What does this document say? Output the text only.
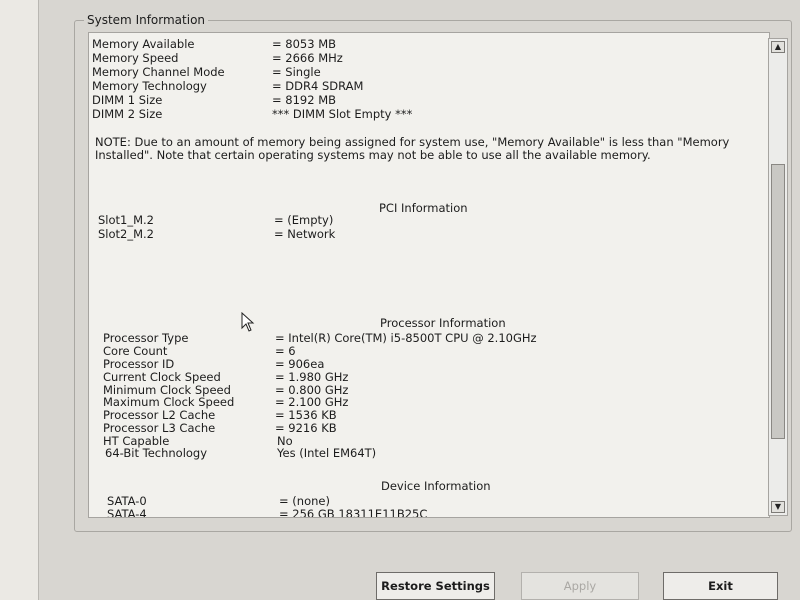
System Information
Memory Available	= 8053 MB
Memory Speed	= 2666 MHz
Memory Channel Mode	= Single
Memory Technology	= DDR4 SDRAM
DIMM 1 Size	= 8192 MB
DIMM 2 Size	*** DIMM Slot Empty ***
NOTE: Due to an amount of memory being assigned for system use, "Memory Available" is less than "Memory Installed". Note that certain operating systems may not be able to use all the available memory.
PCI Information
Slot1_M.2	= (Empty)
Slot2_M.2	= Network
Processor Information
Processor Type	= Intel(R) Core(TM) i5-8500T CPU @ 2.10GHz
Core Count	= 6
Processor ID	= 906ea
Current Clock Speed	= 1.980 GHz
Minimum Clock Speed	= 0.800 GHz
Maximum Clock Speed	= 2.100 GHz
Processor L2 Cache	= 1536 KB
Processor L3 Cache	= 9216 KB
HT Capable	No
64-Bit Technology	Yes (Intel EM64T)
Device Information
SATA-0	= (none)
SATA-4	= 256 GB 18311E11B25C
▲
▼
Restore Settings	Apply	Exit
